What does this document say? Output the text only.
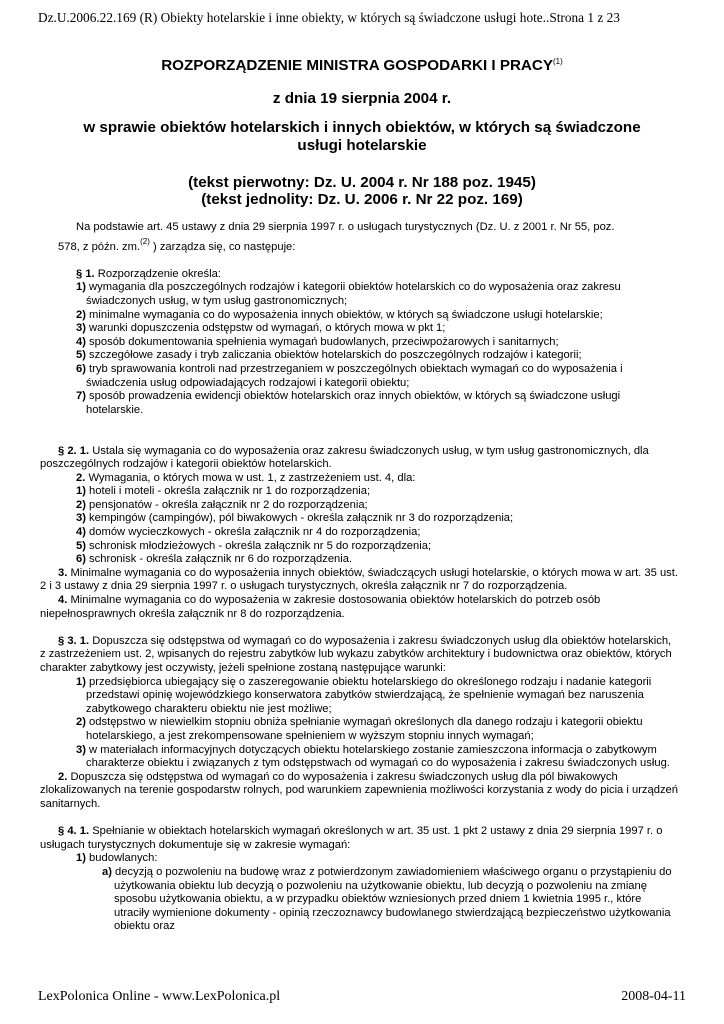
Dz.U.2006.22.169 (R) Obiekty hotelarskie i inne obiekty, w których są świadczone usługi hote..Strona 1 z 23
ROZPORZĄDZENIE MINISTRA GOSPODARKI I PRACY$^{(1)}$
z dnia 19 sierpnia 2004 r.
w sprawie obiektów hotelarskich i innych obiektów, w których są świadczone
usługi hotelarskie
(tekst pierwotny: Dz. U. 2004 r. Nr 188 poz. 1945)
(tekst jednolity: Dz. U. 2006 r. Nr 22 poz. 169)

Na podstawie art. 45 ustawy z dnia 29 sierpnia 1997 r. o usługach turystycznych (Dz. U. z 2001 r. Nr 55, poz.
578, z późn. zm.$^{(2)}$ ) zarządza się, co następuje:

§ 1. Rozporządzenie określa:

1) wymagania dla poszczególnych rodzajów i kategorii obiektów hotelarskich co do wyposażenia oraz zakresu świadczonych usług, w tym usług gastronomicznych;

2) minimalne wymagania co do wyposażenia innych obiektów, w których są świadczone usługi hotelarskie;

3) warunki dopuszczenia odstępstw od wymagań, o których mowa w pkt 1;

4) sposób dokumentowania spełnienia wymagań budowlanych, przeciwpożarowych i sanitarnych;

5) szczegółowe zasady i tryb zaliczania obiektów hotelarskich do poszczególnych rodzajów i kategorii;

6) tryb sprawowania kontroli nad przestrzeganiem w poszczególnych obiektach wymagań co do wyposażenia i świadczenia usług odpowiadających rodzajowi i kategorii obiektu;

7) sposób prowadzenia ewidencji obiektów hotelarskich oraz innych obiektów, w których są świadczone usługi hotelarskie.

§ 2. 1. Ustala się wymagania co do wyposażenia oraz zakresu świadczonych usług, w tym usług gastronomicznych, dla poszczególnych rodzajów i kategorii obiektów hotelarskich.

2. Wymagania, o których mowa w ust. 1, z zastrzeżeniem ust. 4, dla:

1) hoteli i moteli - określa załącznik nr 1 do rozporządzenia;

2) pensjonatów - określa załącznik nr 2 do rozporządzenia;

3) kempingów (campingów), pól biwakowych - określa załącznik nr 3 do rozporządzenia;

4) domów wycieczkowych - określa załącznik nr 4 do rozporządzenia;

5) schronisk młodzieżowych - określa załącznik nr 5 do rozporządzenia;

6) schronisk - określa załącznik nr 6 do rozporządzenia.

3. Minimalne wymagania co do wyposażenia innych obiektów, świadczących usługi hotelarskie, o których mowa w art. 35 ust. 2 i 3 ustawy z dnia 29 sierpnia 1997 r. o usługach turystycznych, określa załącznik nr 7 do rozporządzenia.

4. Minimalne wymagania co do wyposażenia w zakresie dostosowania obiektów hotelarskich do potrzeb osób niepełnosprawnych określa załącznik nr 8 do rozporządzenia.

§ 3. 1. Dopuszcza się odstępstwa od wymagań co do wyposażenia i zakresu świadczonych usług dla obiektów hotelarskich, z zastrzeżeniem ust. 2, wpisanych do rejestru zabytków lub wykazu zabytków architektury i budownictwa oraz obiektów, których charakter zabytkowy jest oczywisty, jeżeli spełnione zostaną następujące warunki:

1) przedsiębiorca ubiegający się o zaszeregowanie obiektu hotelarskiego do określonego rodzaju i nadanie kategorii przedstawi opinię wojewódzkiego konserwatora zabytków stwierdzającą, że spełnienie wymagań bez naruszenia zabytkowego charakteru obiektu nie jest możliwe;

2) odstępstwo w niewielkim stopniu obniża spełnianie wymagań określonych dla danego rodzaju i kategorii obiektu hotelarskiego, a jest zrekompensowane spełnieniem w wyższym stopniu innych wymagań;

3) w materiałach informacyjnych dotyczących obiektu hotelarskiego zostanie zamieszczona informacja o zabytkowym charakterze obiektu i związanych z tym odstępstwach od wymagań co do wyposażenia i zakresu świadczonych usług.

2. Dopuszcza się odstępstwa od wymagań co do wyposażenia i zakresu świadczonych usług dla pól biwakowych zlokalizowanych na terenie gospodarstw rolnych, pod warunkiem zapewnienia możliwości korzystania z wody do picia i urządzeń sanitarnych.

§ 4. 1. Spełnianie w obiektach hotelarskich wymagań określonych w art. 35 ust. 1 pkt 2 ustawy z dnia 29 sierpnia 1997 r. o usługach turystycznych dokumentuje się w zakresie wymagań:

1) budowlanych:

a) decyzją o pozwoleniu na budowę wraz z potwierdzonym zawiadomieniem właściwego organu o przystąpieniu do użytkowania obiektu lub decyzją o pozwoleniu na użytkowanie obiektu, lub decyzją o pozwoleniu na zmianę sposobu użytkowania obiektu, a w przypadku obiektów wzniesionych przed dniem 1 kwietnia 1995 r., które utraciły wymienione dokumenty - opinią rzeczoznawcy budowlanego stwierdzającą bezpieczeństwo użytkowania obiektu oraz

LexPolonica Online - www.LexPolonica.pl	2008-04-11
